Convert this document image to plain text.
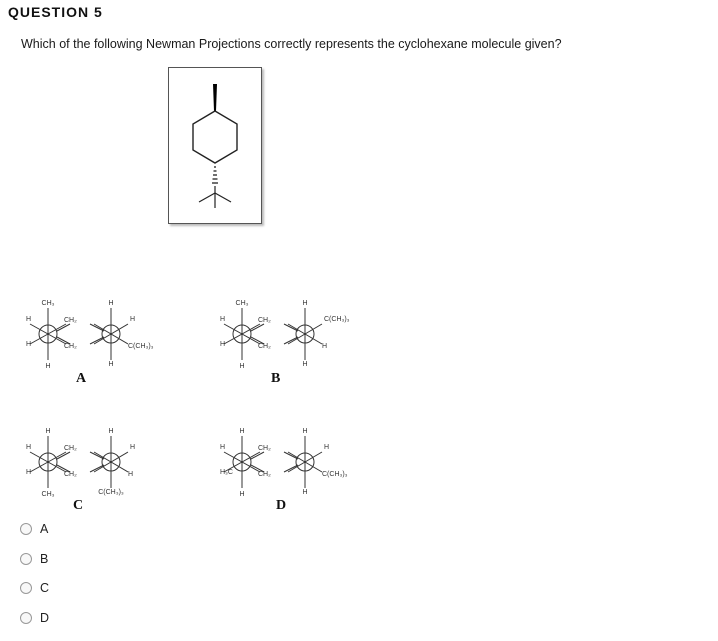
QUESTION 5
Which of the following Newman Projections correctly represents the cyclohexane molecule given?
CH₃
H
H
CH₂
H
H
H
CH₂
H
C(CH₃)₃
CH₃
H
H
CH₂
H
C(CH₃)₃
H
CH₂
H
H
H
H
H
CH₂
H
H
CH₃
CH₂
C(CH₃)₃
H
H
H
H₃C
CH₂
H
H
H
CH₂
H
C(CH₃)₃
A	B
C	D
A
B
C
D
